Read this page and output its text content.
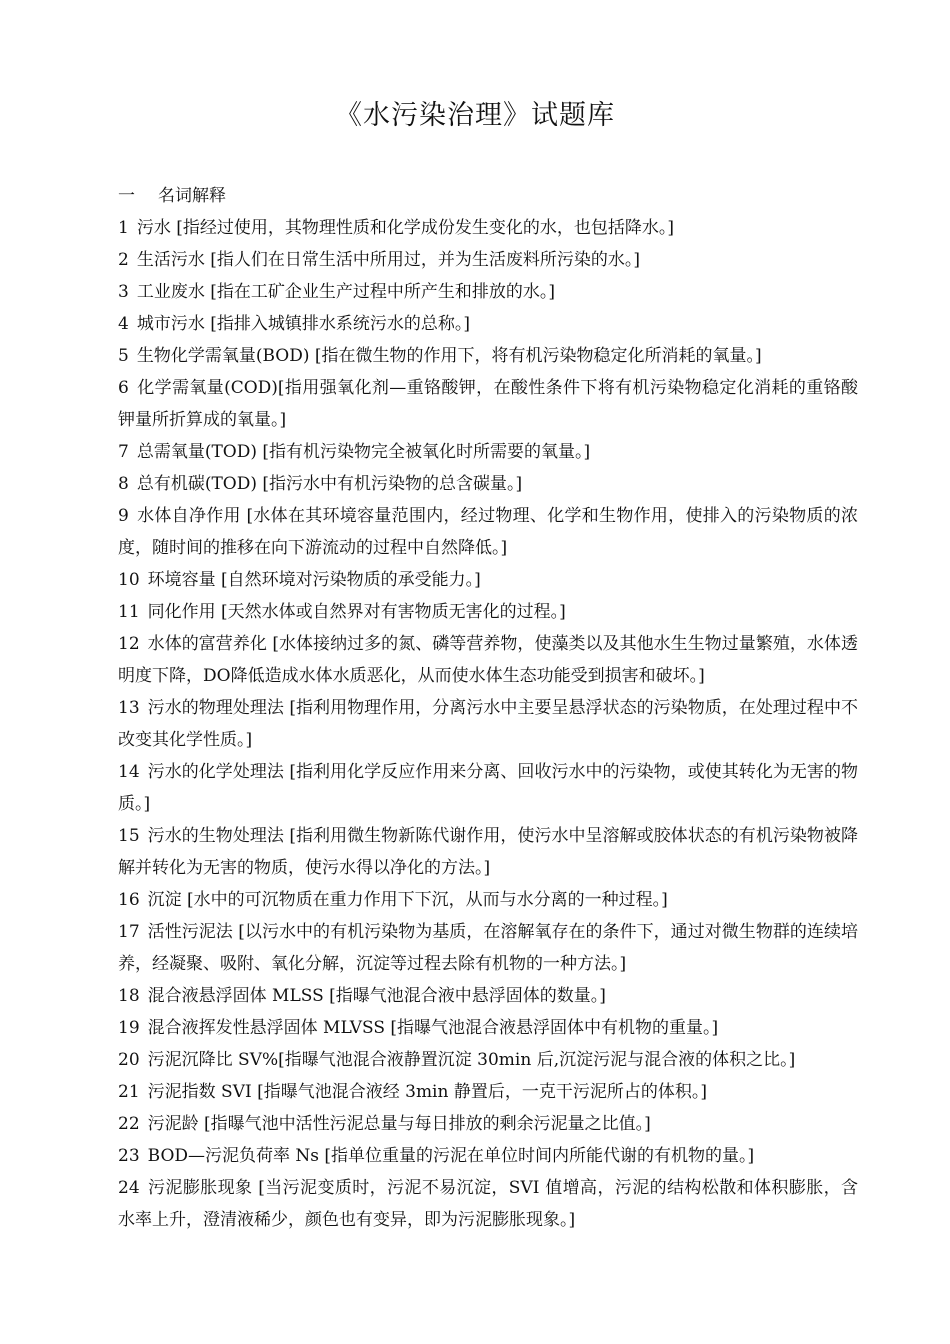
《水污染治理》试题库
一 名词解释

1 污水 [指经过使用，其物理性质和化学成份发生变化的水，也包括降水。]

2 生活污水 [指人们在日常生活中所用过，并为生活废料所污染的水。]

3 工业废水 [指在工矿企业生产过程中所产生和排放的水。]

4 城市污水 [指排入城镇排水系统污水的总称。]

5 生物化学需氧量(BOD) [指在微生物的作用下，将有机污染物稳定化所消耗的氧量。]

6 化学需氧量(COD)[指用强氧化剂—重铬酸钾，在酸性条件下将有机污染物稳定化消耗的重铬酸钾量所折算成的氧量。]

7 总需氧量(TOD) [指有机污染物完全被氧化时所需要的氧量。]

8 总有机碳(TOD) [指污水中有机污染物的总含碳量。]

9 水体自净作用 [水体在其环境容量范围内，经过物理、化学和生物作用，使排入的污染物质的浓度，随时间的推移在向下游流动的过程中自然降低。]

10 环境容量 [自然环境对污染物质的承受能力。]

11 同化作用 [天然水体或自然界对有害物质无害化的过程。]

12 水体的富营养化 [水体接纳过多的氮、磷等营养物，使藻类以及其他水生生物过量繁殖，水体透明度下降，DO降低造成水体水质恶化，从而使水体生态功能受到损害和破坏。]

13 污水的物理处理法 [指利用物理作用，分离污水中主要呈悬浮状态的污染物质，在处理过程中不改变其化学性质。]

14 污水的化学处理法 [指利用化学反应作用来分离、回收污水中的污染物，或使其转化为无害的物质。]

15 污水的生物处理法 [指利用微生物新陈代谢作用，使污水中呈溶解或胶体状态的有机污染物被降解并转化为无害的物质，使污水得以净化的方法。]

16 沉淀 [水中的可沉物质在重力作用下下沉，从而与水分离的一种过程。]

17 活性污泥法 [以污水中的有机污染物为基质，在溶解氧存在的条件下，通过对微生物群的连续培养，经凝聚、吸附、氧化分解，沉淀等过程去除有机物的一种方法。]

18 混合液悬浮固体 MLSS [指曝气池混合液中悬浮固体的数量。]

19 混合液挥发性悬浮固体 MLVSS [指曝气池混合液悬浮固体中有机物的重量。]

20 污泥沉降比 SV%[指曝气池混合液静置沉淀 30min 后,沉淀污泥与混合液的体积之比。]

21 污泥指数 SVI [指曝气池混合液经 3min 静置后，一克干污泥所占的体积。]

22 污泥龄 [指曝气池中活性污泥总量与每日排放的剩余污泥量之比值。]

23 BOD—污泥负荷率 Ns [指单位重量的污泥在单位时间内所能代谢的有机物的量。]

24 污泥膨胀现象 [当污泥变质时，污泥不易沉淀，SVI 值增高，污泥的结构松散和体积膨胀，含水率上升，澄清液稀少，颜色也有变异，即为污泥膨胀现象。]
